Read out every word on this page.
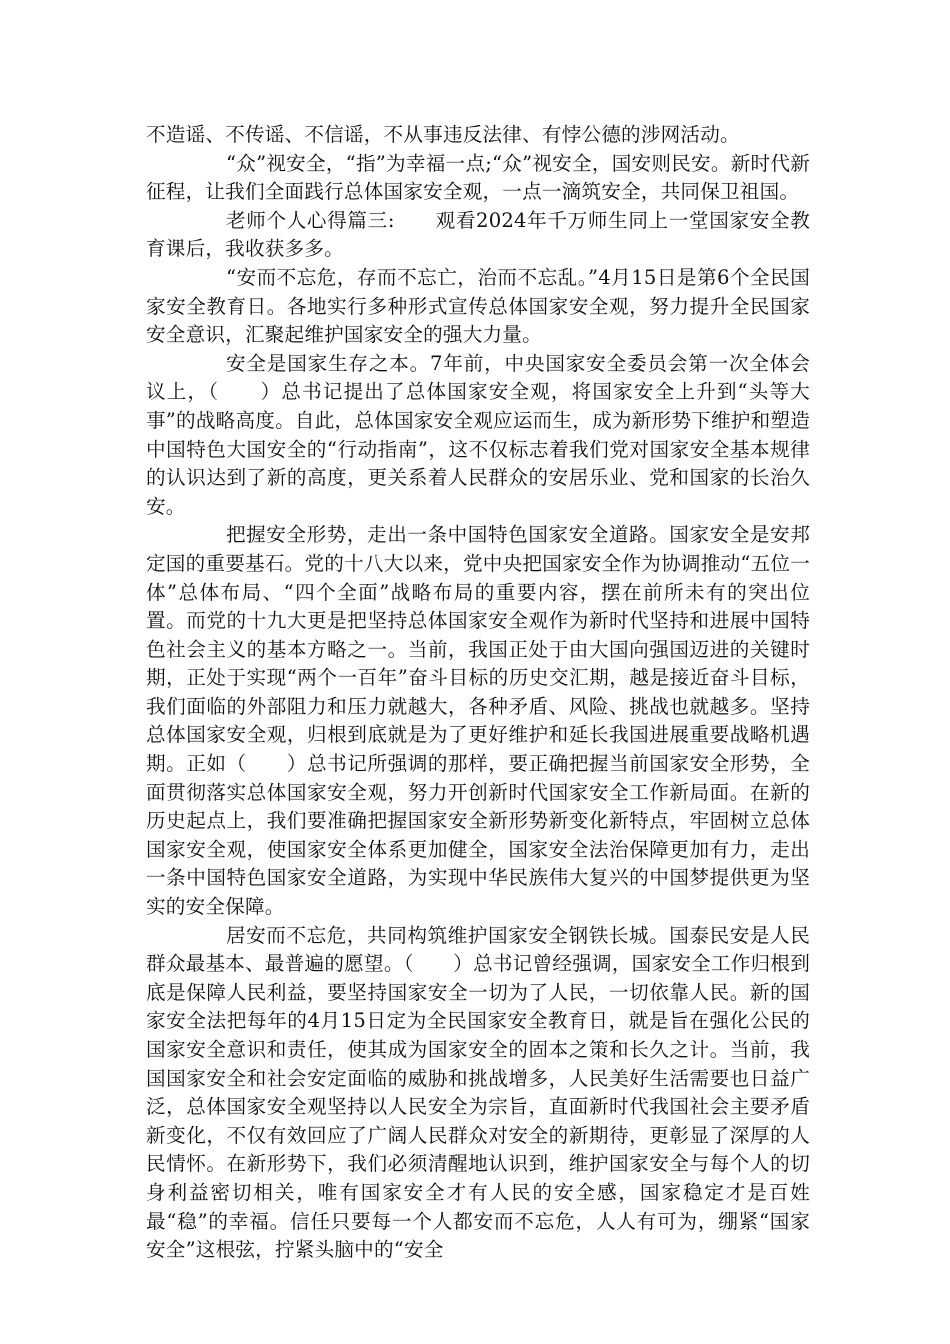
不造谣、不传谣、不信谣，不从事违反法律、有悖公德的涉网活动。

“众”视安全，“指”为幸福一点;“众”视安全，国安则民安。新时代新征程，让我们全面践行总体国家安全观，一点一滴筑安全，共同保卫祖国。

老师个人心得篇三:　　观看2024年千万师生同上一堂国家安全教育课后，我收获多多。

“安而不忘危，存而不忘亡，治而不忘乱。”4月15日是第6个全民国家安全教育日。各地实行多种形式宣传总体国家安全观，努力提升全民国家安全意识，汇聚起维护国家安全的强大力量。

安全是国家生存之本。7年前，中央国家安全委员会第一次全体会议上，（　　）总书记提出了总体国家安全观，将国家安全上升到“头等大事”的战略高度。自此，总体国家安全观应运而生，成为新形势下维护和塑造中国特色大国安全的“行动指南”，这不仅标志着我们党对国家安全基本规律的认识达到了新的高度，更关系着人民群众的安居乐业、党和国家的长治久安。

把握安全形势，走出一条中国特色国家安全道路。国家安全是安邦定国的重要基石。党的十八大以来，党中央把国家安全作为协调推动“五位一体”总体布局、“四个全面”战略布局的重要内容，摆在前所未有的突出位置。而党的十九大更是把坚持总体国家安全观作为新时代坚持和进展中国特色社会主义的基本方略之一。当前，我国正处于由大国向强国迈进的关键时期，正处于实现“两个一百年”奋斗目标的历史交汇期，越是接近奋斗目标，我们面临的外部阻力和压力就越大，各种矛盾、风险、挑战也就越多。坚持总体国家安全观，归根到底就是为了更好维护和延长我国进展重要战略机遇期。正如（　　）总书记所强调的那样，要正确把握当前国家安全形势，全面贯彻落实总体国家安全观，努力开创新时代国家安全工作新局面。在新的历史起点上，我们要准确把握国家安全新形势新变化新特点，牢固树立总体国家安全观，使国家安全体系更加健全，国家安全法治保障更加有力，走出一条中国特色国家安全道路，为实现中华民族伟大复兴的中国梦提供更为坚实的安全保障。

居安而不忘危，共同构筑维护国家安全钢铁长城。国泰民安是人民群众最基本、最普遍的愿望。（　　）总书记曾经强调，国家安全工作归根到底是保障人民利益，要坚持国家安全一切为了人民，一切依靠人民。新的国家安全法把每年的4月15日定为全民国家安全教育日，就是旨在强化公民的国家安全意识和责任，使其成为国家安全的固本之策和长久之计。当前，我国国家安全和社会安定面临的威胁和挑战增多，人民美好生活需要也日益广泛，总体国家安全观坚持以人民安全为宗旨，直面新时代我国社会主要矛盾新变化，不仅有效回应了广阔人民群众对安全的新期待，更彰显了深厚的人民情怀。在新形势下，我们必须清醒地认识到，维护国家安全与每个人的切身利益密切相关，唯有国家安全才有人民的安全感，国家稳定才是百姓最“稳”的幸福。信任只要每一个人都安而不忘危，人人有可为，绷紧“国家安全”这根弦，拧紧头脑中的“安全
